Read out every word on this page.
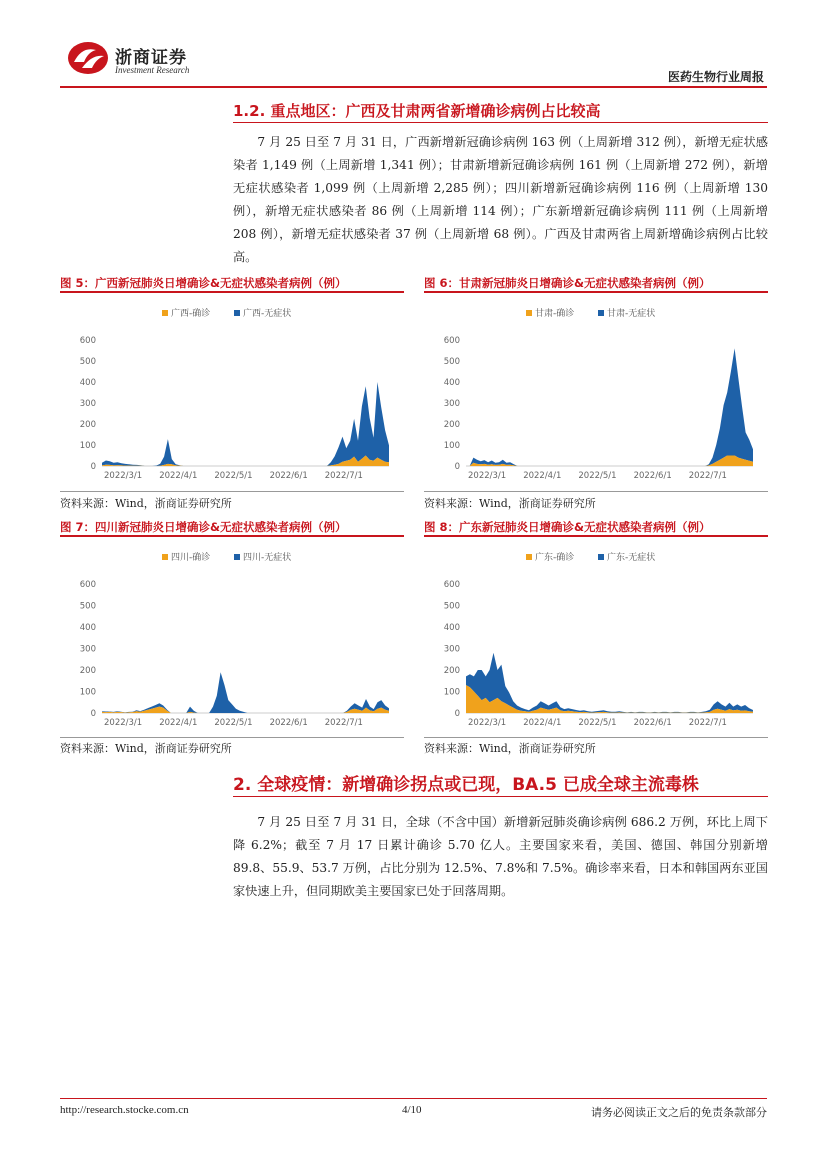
浙商证券
Investment Research	医药生物行业周报
1.2. 重点地区：广西及甘肃两省新增确诊病例占比较高
7 月 25 日至 7 月 31 日，广西新增新冠确诊病例 163 例（上周新增 312 例），新增无症状感染者 1,149 例（上周新增 1,341 例）；甘肃新增新冠确诊病例 161 例（上周新增 272 例），新增无症状感染者 1,099 例（上周新增 2,285 例）；四川新增新冠确诊病例 116 例（上周新增 130 例），新增无症状感染者 86 例（上周新增 114 例）；广东新增新冠确诊病例 111 例（上周新增 208 例），新增无症状感染者 37 例（上周新增 68 例）。广西及甘肃两省上周新增确诊病例占比较高。
图 5：广西新冠肺炎日增确诊&无症状感染者病例（例）
广西-确诊	广西-无症状
0
100
200
300
400
500
600
2022/3/1 2022/4/1 2022/5/1 2022/6/1 2022/7/1
资料来源：Wind，浙商证券研究所
图 6：甘肃新冠肺炎日增确诊&无症状感染者病例（例）
甘肃-确诊	甘肃-无症状
0
100
200
300
400
500
600
2022/3/1 2022/4/1 2022/5/1 2022/6/1 2022/7/1
资料来源：Wind，浙商证券研究所
图 7：四川新冠肺炎日增确诊&无症状感染者病例（例）
四川-确诊	四川-无症状
0
100
200
300
400
500
600
2022/3/1 2022/4/1 2022/5/1 2022/6/1 2022/7/1
资料来源：Wind，浙商证券研究所
图 8：广东新冠肺炎日增确诊&无症状感染者病例（例）
广东-确诊	广东-无症状
0
100
200
300
400
500
600
2022/3/1 2022/4/1 2022/5/1 2022/6/1 2022/7/1
资料来源：Wind，浙商证券研究所
2. 全球疫情：新增确诊拐点或已现，BA.5 已成全球主流毒株
7 月 25 日至 7 月 31 日，全球（不含中国）新增新冠肺炎确诊病例 686.2 万例，环比上周下降 6.2%；截至 7 月 17 日累计确诊 5.70 亿人。主要国家来看，美国、德国、韩国分别新增 89.8、55.9、53.7 万例，占比分别为 12.5%、7.8%和 7.5%。确诊率来看，日本和韩国两东亚国家快速上升，但同期欧美主要国家已处于回落周期。
http://research.stocke.com.cn	4/10	请务必阅读正文之后的免责条款部分
